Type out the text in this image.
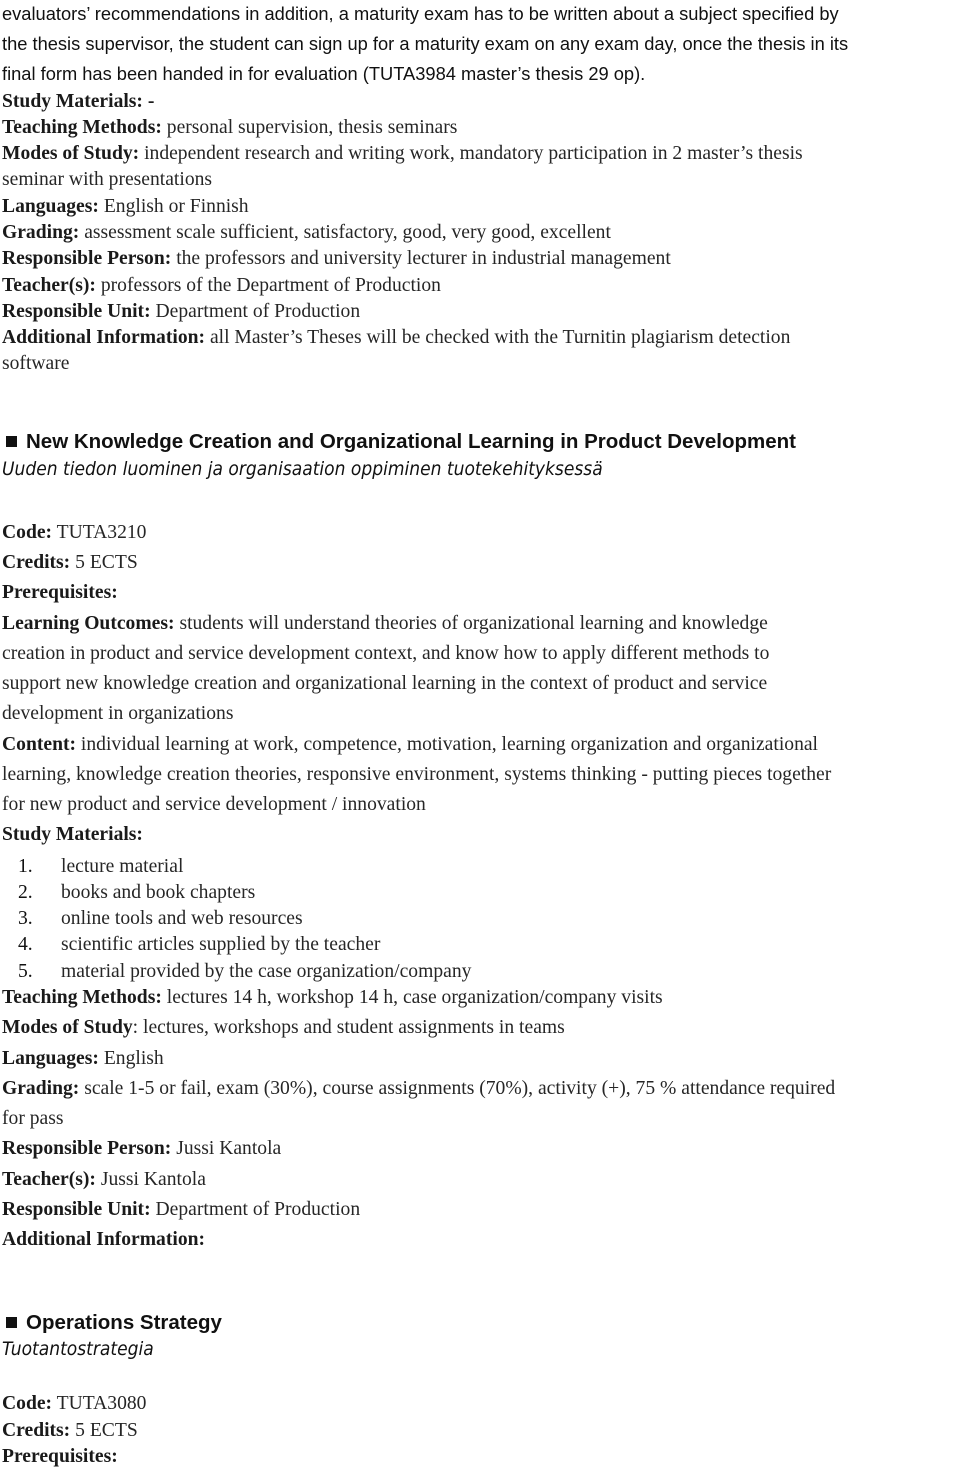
evaluators’ recommendations in addition, a maturity exam has to be written about a subject specified by
the thesis supervisor, the student can sign up for a maturity exam on any exam day, once the thesis in its
final form has been handed in for evaluation (TUTA3984 master’s thesis 29 op).
Study Materials: -
Teaching Methods: personal supervision, thesis seminars
Modes of Study: independent research and writing work, mandatory participation in 2 master’s thesis
seminar with presentations
Languages: English or Finnish
Grading: assessment scale sufficient, satisfactory, good, very good, excellent
Responsible Person: the professors and university lecturer in industrial management
Teacher(s): professors of the Department of Production
Responsible Unit: Department of Production
Additional Information: all Master’s Theses will be checked with the Turnitin plagiarism detection
software
New Knowledge Creation and Organizational Learning in Product Development
Uuden tiedon luominen ja organisaation oppiminen tuotekehityksessä
Code: TUTA3210
Credits: 5 ECTS
Prerequisites:
Learning Outcomes: students will understand theories of organizational learning and knowledge
creation in product and service development context, and know how to apply different methods to
support new knowledge creation and organizational learning in the context of product and service
development in organizations
Content: individual learning at work, competence, motivation, learning organization and organizational
learning, knowledge creation theories, responsive environment, systems thinking - putting pieces together
for new product and service development / innovation
Study Materials:
1. lecture material
2. books and book chapters
3. online tools and web resources
4. scientific articles supplied by the teacher
5. material provided by the case organization/company
Teaching Methods: lectures 14 h, workshop 14 h, case organization/company visits
Modes of Study: lectures, workshops and student assignments in teams
Languages: English
Grading: scale 1-5 or fail, exam (30%), course assignments (70%), activity (+), 75 % attendance required
for pass
Responsible Person: Jussi Kantola
Teacher(s): Jussi Kantola
Responsible Unit: Department of Production
Additional Information:
Operations Strategy
Tuotantostrategia
Code: TUTA3080
Credits: 5 ECTS
Prerequisites:
